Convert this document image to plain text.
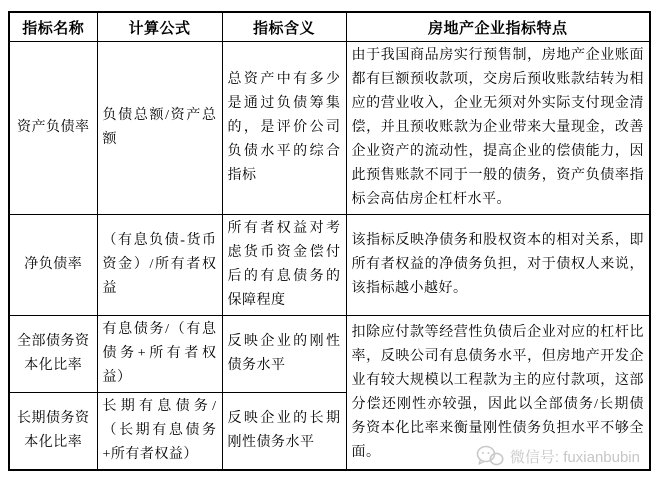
指标名称	计算公式	指标含义	房地产企业指标特点
资产负债率	负债总额/资产总额	总资产中有多少是通过负债筹集的，是评价公司负债水平的综合指标	由于我国商品房实行预售制，房地产企业账面都有巨额预收款项，交房后预收账款结转为相应的营业收入，企业无须对外实际支付现金清偿，并且预收账款为企业带来大量现金，改善企业资产的流动性，提高企业的偿债能力，因此预售账款不同于一般的债务，资产负债率指标会高估房企杠杆水平。
净负债率	（有息负债-货币资金）/所有者权益	所有者权益对考虑货币资金偿付后的有息债务的保障程度	该指标反映净债务和股权资本的相对关系，即所有者权益的净债务负担，对于债权人来说，该指标越小越好。
全部债务资本化比率	有息债务/（有息债务+所有者权益）	反映企业的刚性债务水平	扣除应付款等经营性负债后企业对应的杠杆比率，反映公司有息债务水平，但房地产开发企业有较大规模以工程款为主的应付款项，这部分偿还刚性亦较强，因此以全部债务/长期债务资本化比率来衡量刚性债务负担水平不够全面。
长期债务资本化比率	长期有息债务/（长期有息债务+所有者权益）	反映企业的长期刚性债务水平	
微信号: fuxianbubin
